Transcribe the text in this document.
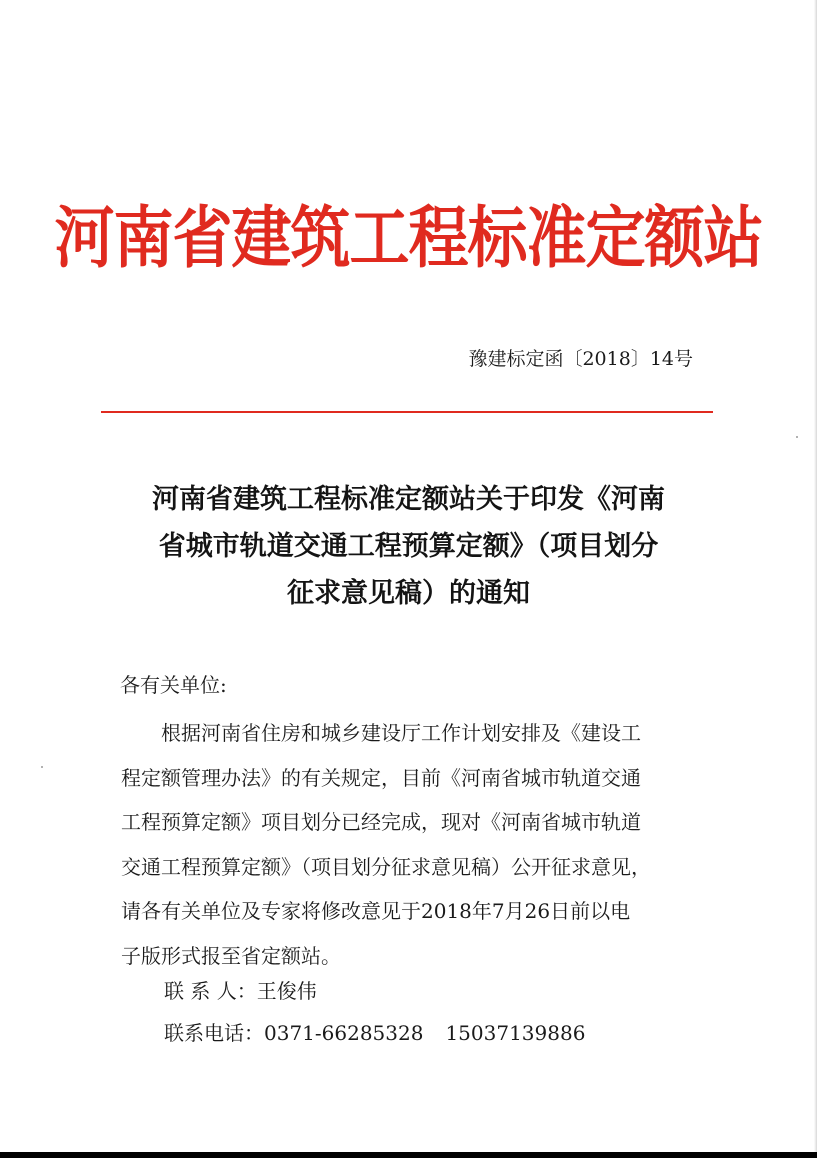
河南省建筑工程标准定额站
豫建标定函〔2018〕14号
河南省建筑工程标准定额站关于印发《河南
省城市轨道交通工程预算定额》（项目划分
征求意见稿）的通知
各有关单位:
　　根据河南省住房和城乡建设厅工作计划安排及《建设工
程定额管理办法》的有关规定，目前《河南省城市轨道交通
工程预算定额》项目划分已经完成，现对《河南省城市轨道
交通工程预算定额》（项目划分征求意见稿）公开征求意见，
请各有关单位及专家将修改意见于2018年7月26日前以电
子版形式报至省定额站。
联 系 人：王俊伟
联系电话：0371-66285328 15037139886
